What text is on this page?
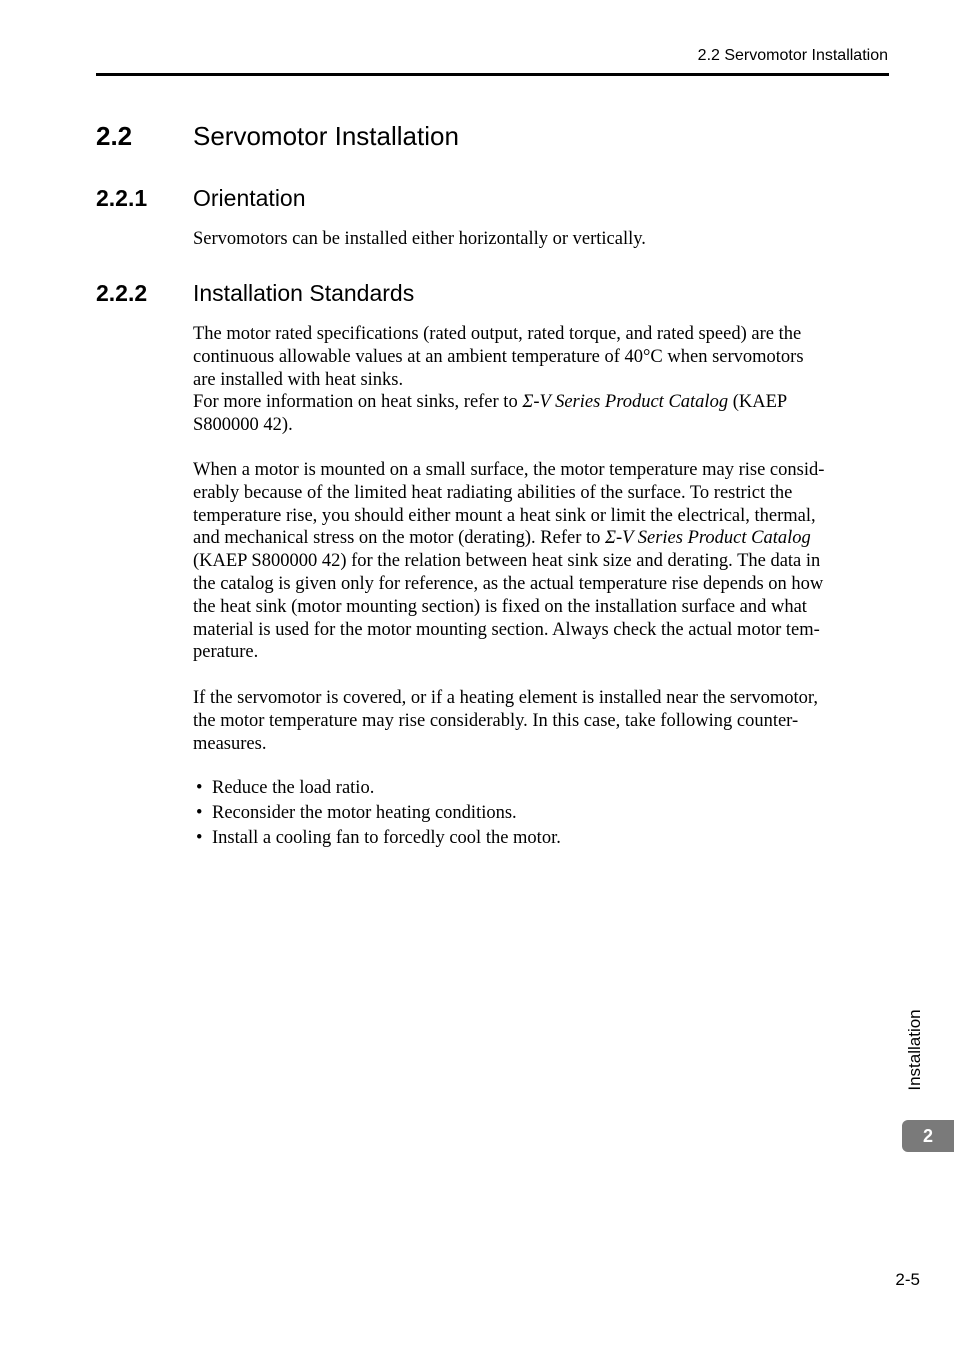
2.2 Servomotor Installation
2.2 Servomotor Installation
2.2.1 Orientation
Servomotors can be installed either horizontally or vertically.
2.2.2 Installation Standards
The motor rated specifications (rated output, rated torque, and rated speed) are the
continuous allowable values at an ambient temperature of 40°C when servomotors
are installed with heat sinks.
For more information on heat sinks, refer to Σ-V Series Product Catalog (KAEP
S800000 42).
When a motor is mounted on a small surface, the motor temperature may rise consid-
erably because of the limited heat radiating abilities of the surface. To restrict the
temperature rise, you should either mount a heat sink or limit the electrical, thermal,
and mechanical stress on the motor (derating). Refer to Σ-V Series Product Catalog
(KAEP S800000 42) for the relation between heat sink size and derating. The data in
the catalog is given only for reference, as the actual temperature rise depends on how
the heat sink (motor mounting section) is fixed on the installation surface and what
material is used for the motor mounting section. Always check the actual motor tem-
perature.
If the servomotor is covered, or if a heating element is installed near the servomotor,
the motor temperature may rise considerably. In this case, take following counter-
measures.
• Reduce the load ratio.
• Reconsider the motor heating conditions.
• Install a cooling fan to forcedly cool the motor.
Installation
2
2-5
